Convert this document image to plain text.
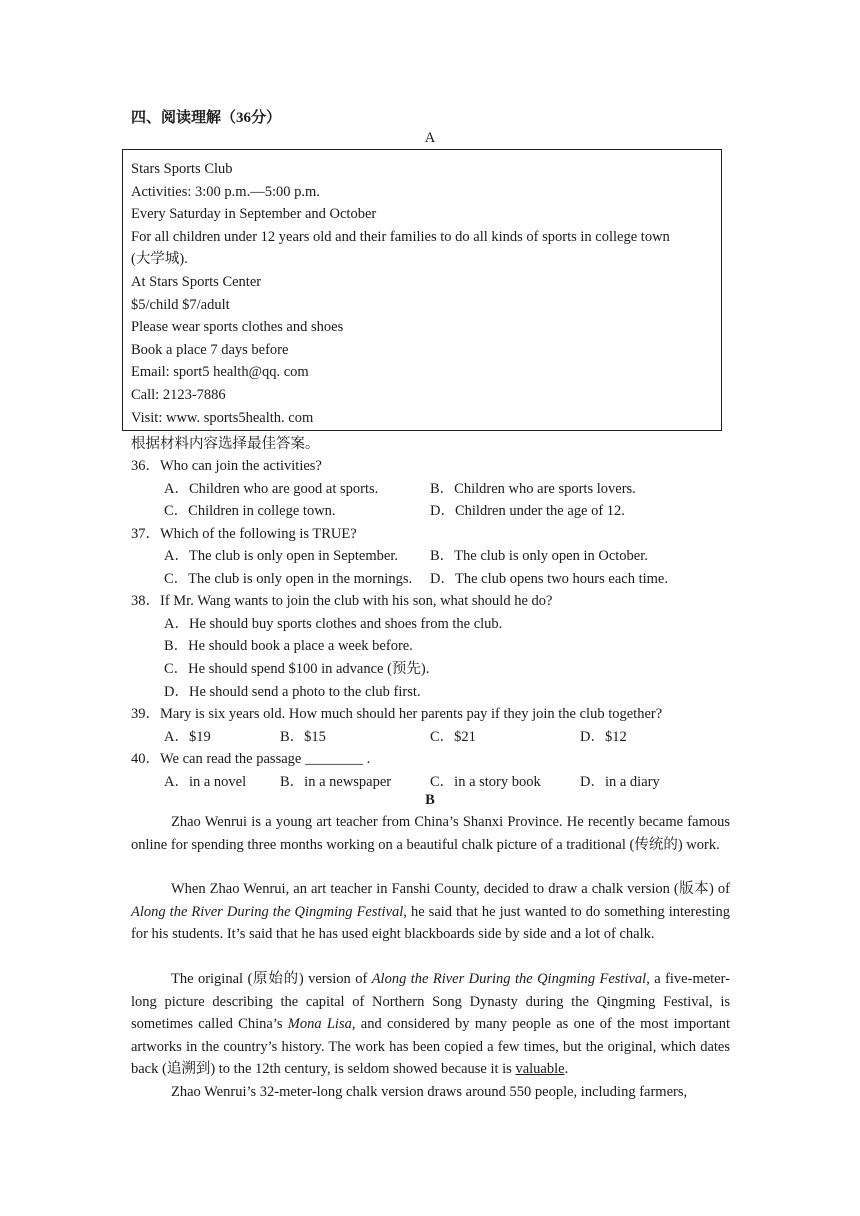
四、阅读理解（36分）
A
Stars Sports Club
Activities: 3:00 p.m.—5:00 p.m.
Every Saturday in September and October
For all children under 12 years old and their families to do all kinds of sports in college town
(大学城).
At Stars Sports Center
$5/child $7/adult
Please wear sports clothes and shoes
Book a place 7 days before
Email: sport5 health@qq. com
Call: 2123-7886
Visit: www. sports5health. com
根据材料内容选择最佳答案。
36．Who can join the activities?
A．Children who are good at sports.	B．Children who are sports lovers.
C．Children in college town.	D．Children under the age of 12.
37．Which of the following is TRUE?
A．The club is only open in September. B．The club is only open in October.
C．The club is only open in the mornings. D．The club opens two hours each time.
38．If Mr. Wang wants to join the club with his son, what should he do?
A．He should buy sports clothes and shoes from the club.
B．He should book a place a week before.
C．He should spend $100 in advance (预先).
D．He should send a photo to the club first.
39．Mary is six years old. How much should her parents pay if they join the club together?
A．$19	B．$15	C．$21	D．$12
40．We can read the passage ________ .
A．in a novel B．in a newspaper	C．in a story book	D．in a diary
B
Zhao Wenrui is a young art teacher from China’s Shanxi Province. He recently became famous online for spending three months working on a beautiful chalk picture of a traditional (传统的) work.
When Zhao Wenrui, an art teacher in Fanshi County, decided to draw a chalk version (版本) of Along the River During the Qingming Festival, he said that he just wanted to do something interesting for his students. It’s said that he has used eight blackboards side by side and a lot of chalk.
The original (原始的) version of Along the River During the Qingming Festival, a five-meter-long picture describing the capital of Northern Song Dynasty during the Qingming Festival, is sometimes called China’s Mona Lisa, and considered by many people as one of the most important artworks in the country’s history. The work has been copied a few times, but the original, which dates back (追溯到) to the 12th century, is seldom showed because it is valuable.
Zhao Wenrui’s 32-meter-long chalk version draws around 550 people, including farmers,
